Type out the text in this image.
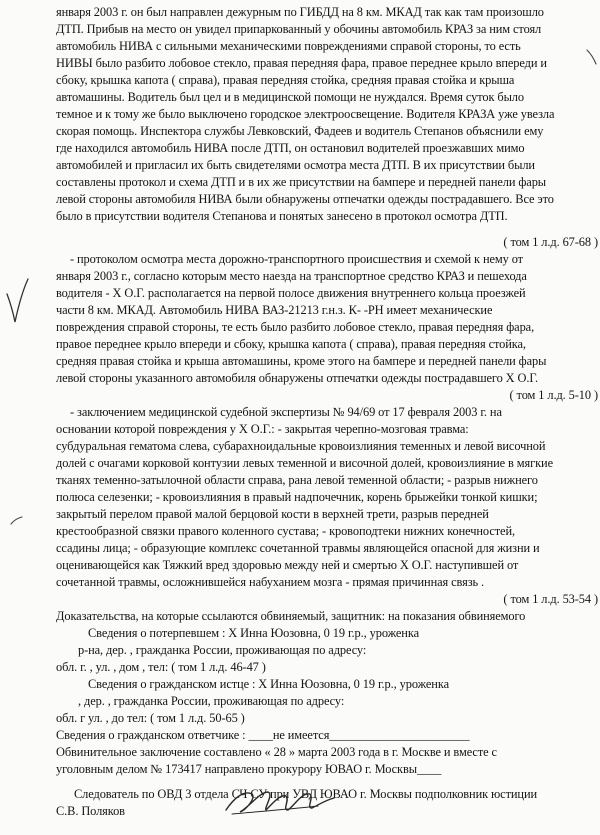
января 2003 г. он был направлен дежурным по ГИБДД на 8 км. МКАД так как там произошло
ДТП. Прибыв на место он увидел припаркованный у обочины автомобиль КРАЗ за ним стоял
автомобиль НИВА с сильными механическими повреждениями справой стороны, то есть
НИВЫ было разбито лобовое стекло, правая передняя фара, правое переднее крыло впереди и
сбоку, крышка капота ( справа), правая передняя стойка, средняя правая стойка и крыша
автомашины. Водитель был цел и в медицинской помощи не нуждался. Время суток было
темное и к тому же было выключено городское электроосвещение. Водителя КРАЗА уже увезла
скорая помощь. Инспектора службы Левковский, Фадеев и водитель Степанов объяснили ему
где находился автомобиль НИВА после ДТП, он остановил водителей проезжавших мимо
автомобилей и пригласил их быть свидетелями осмотра места ДТП. В их присутствии были
составлены протокол и схема ДТП и в их же присутствии на бампере и передней панели фары
левой стороны автомобиля НИВА были обнаружены отпечатки одежды пострадавшего. Все это
было в присутствии водителя Степанова и понятых занесено в протокол осмотра ДТП.
( том 1 л.д. 67-68 )
- протоколом осмотра места дорожно-транспортного происшествия и схемой к нему от
января 2003 г., согласно которым место наезда на транспортное средство КРАЗ и пешехода
водителя - Х О.Г. располагается на первой полосе движения внутреннего кольца проезжей
части 8 км. МКАД. Автомобиль НИВА ВАЗ-21213 г.н.з. К- -РН имеет механические
повреждения справой стороны, те есть было разбито лобовое стекло, правая передняя фара,
правое переднее крыло впереди и сбоку, крышка капота ( справа), правая передняя стойка,
средняя правая стойка и крыша автомашины, кроме этого на бампере и передней панели фары
левой стороны указанного автомобиля обнаружены отпечатки одежды пострадавшего Х О.Г.
( том 1 л.д. 5-10 )
- заключением медицинской судебной экспертизы № 94/69 от 17 февраля 2003 г. на
основании которой повреждения у Х О.Г.: - закрытая черепно-мозговая травма:
субдуральная гематома слева, субарахноидальные кровоизлияния теменных и левой височной
долей с очагами корковой контузии левых теменной и височной долей, кровоизлияние в мягкие
тканях теменно-затылочной области справа, рана левой теменной области; - разрыв нижнего
полюса селезенки; - кровоизлияния в правый надпочечник, корень брыжейки тонкой кишки;
закрытый перелом правой малой берцовой кости в верхней трети, разрыв передней
крестообразной связки правого коленного сустава; - кровоподтеки нижних конечностей,
ссадины лица; - образующие комплекс сочетанной травмы являющейся опасной для жизни и
оценивающейся как Тяжкий вред здоровью между ней и смертью Х О.Г. наступившей от
сочетанной травмы, осложнившейся набуханием мозга - прямая причинная связь .
( том 1 л.д. 53-54 )
Доказательства, на которые ссылаются обвиняемый, защитник: на показания обвиняемого
Сведения о потерпевшем : Х Инна Юозовна, 0 19 г.р., уроженка
р-на, дер. , гражданка России, проживающая по адресу:
обл. г. , ул. , дом , тел: ( том 1 л.д. 46-47 )
Сведения о гражданском истце : Х Инна Юозовна, 0 19 г.р., уроженка
, дер. , гражданка России, проживающая по адресу:
обл. г ул. , до тел: ( том 1 л.д. 50-65 )
Сведения о гражданском ответчике : ____не имеется_______________________
Обвинительное заключение составлено « 28 » марта 2003 года в г. Москве и вместе с
уголовным делом № 173417 направлено прокурору ЮВАО г. Москвы____
Следователь по ОВД 3 отдела СЧ СУ при УВД ЮВАО г. Москвы подполковник юстиции
С.В. Поляков
